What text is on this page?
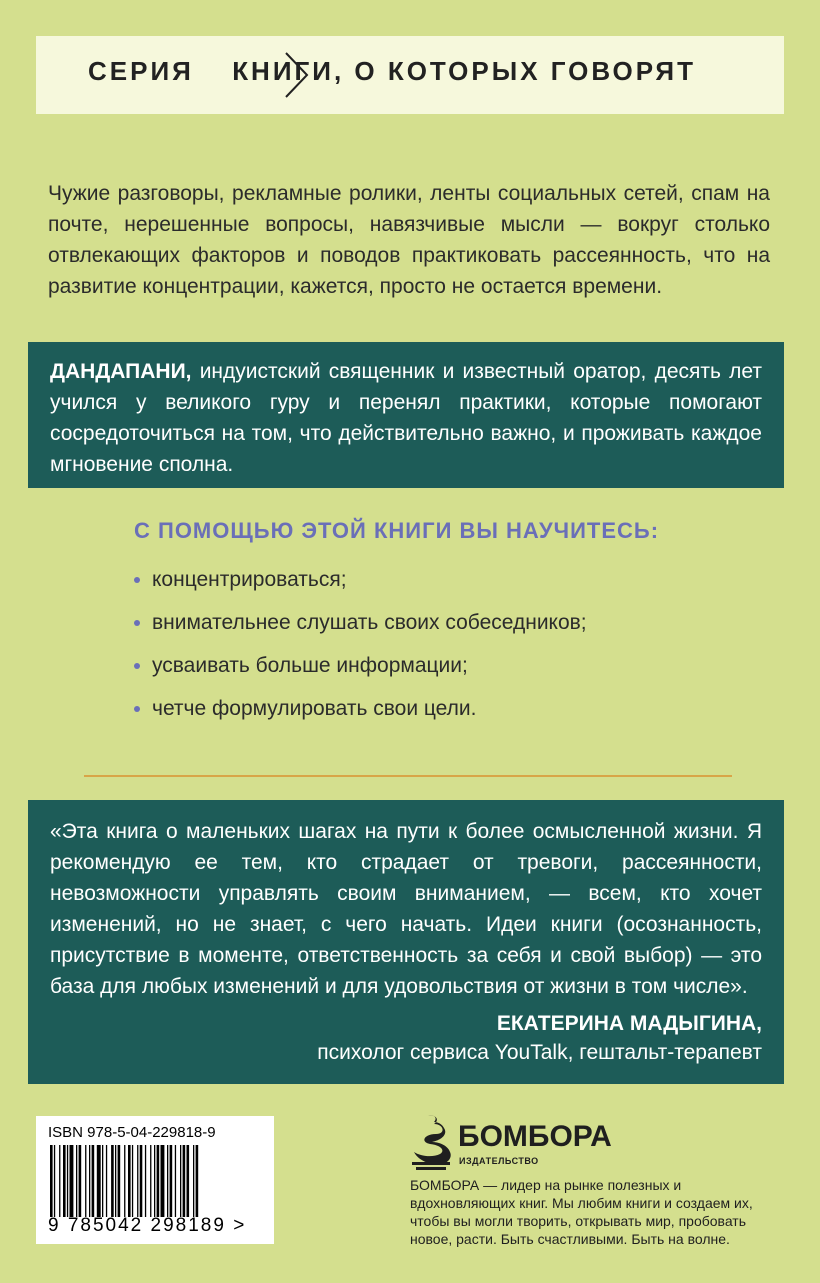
СЕРИЯ КНИГИ, О КОТОРЫХ ГОВОРЯТ

Чужие разговоры, рекламные ролики, ленты социальных сетей, спам на почте, нерешенные вопросы, навязчивые мысли — вокруг столько отвлекающих факторов и поводов практиковать рассеянность, что на развитие концентрации, кажется, просто не остается времени.

ДАНДАПАНИ, индуистский священник и известный оратор, десять лет учился у великого гуру и перенял практики, которые помогают сосредоточиться на том, что действительно важно, и проживать каждое мгновение сполна.
С ПОМОЩЬЮ ЭТОЙ КНИГИ ВЫ НАУЧИТЕСЬ:
концентрироваться;
внимательнее слушать своих собеседников;
усваивать больше информации;
четче формулировать свои цели.
«Эта книга о маленьких шагах на пути к более осмысленной жизни. Я рекомендую ее тем, кто страдает от тревоги, рассеянности, невозможности управлять своим вниманием, — всем, кто хочет изменений, но не знает, с чего начать. Идеи книги (осознанность, присутствие в моменте, ответственность за себя и свой выбор) — это база для любых изменений и для удовольствия от жизни в том числе».
ЕКАТЕРИНА МАДЫГИНА,
психолог сервиса YouTalk, гештальт-терапевт
ISBN 978-5-04-229818-9
9 785042 298189 >
БОМБОРА
ИЗДАТЕЛЬСТВО
БОМБОРА — лидер на рынке полезных и вдохновляющих книг. Мы любим книги и создаем их, чтобы вы могли творить, открывать мир, пробовать новое, расти. Быть счастливыми. Быть на волне.
